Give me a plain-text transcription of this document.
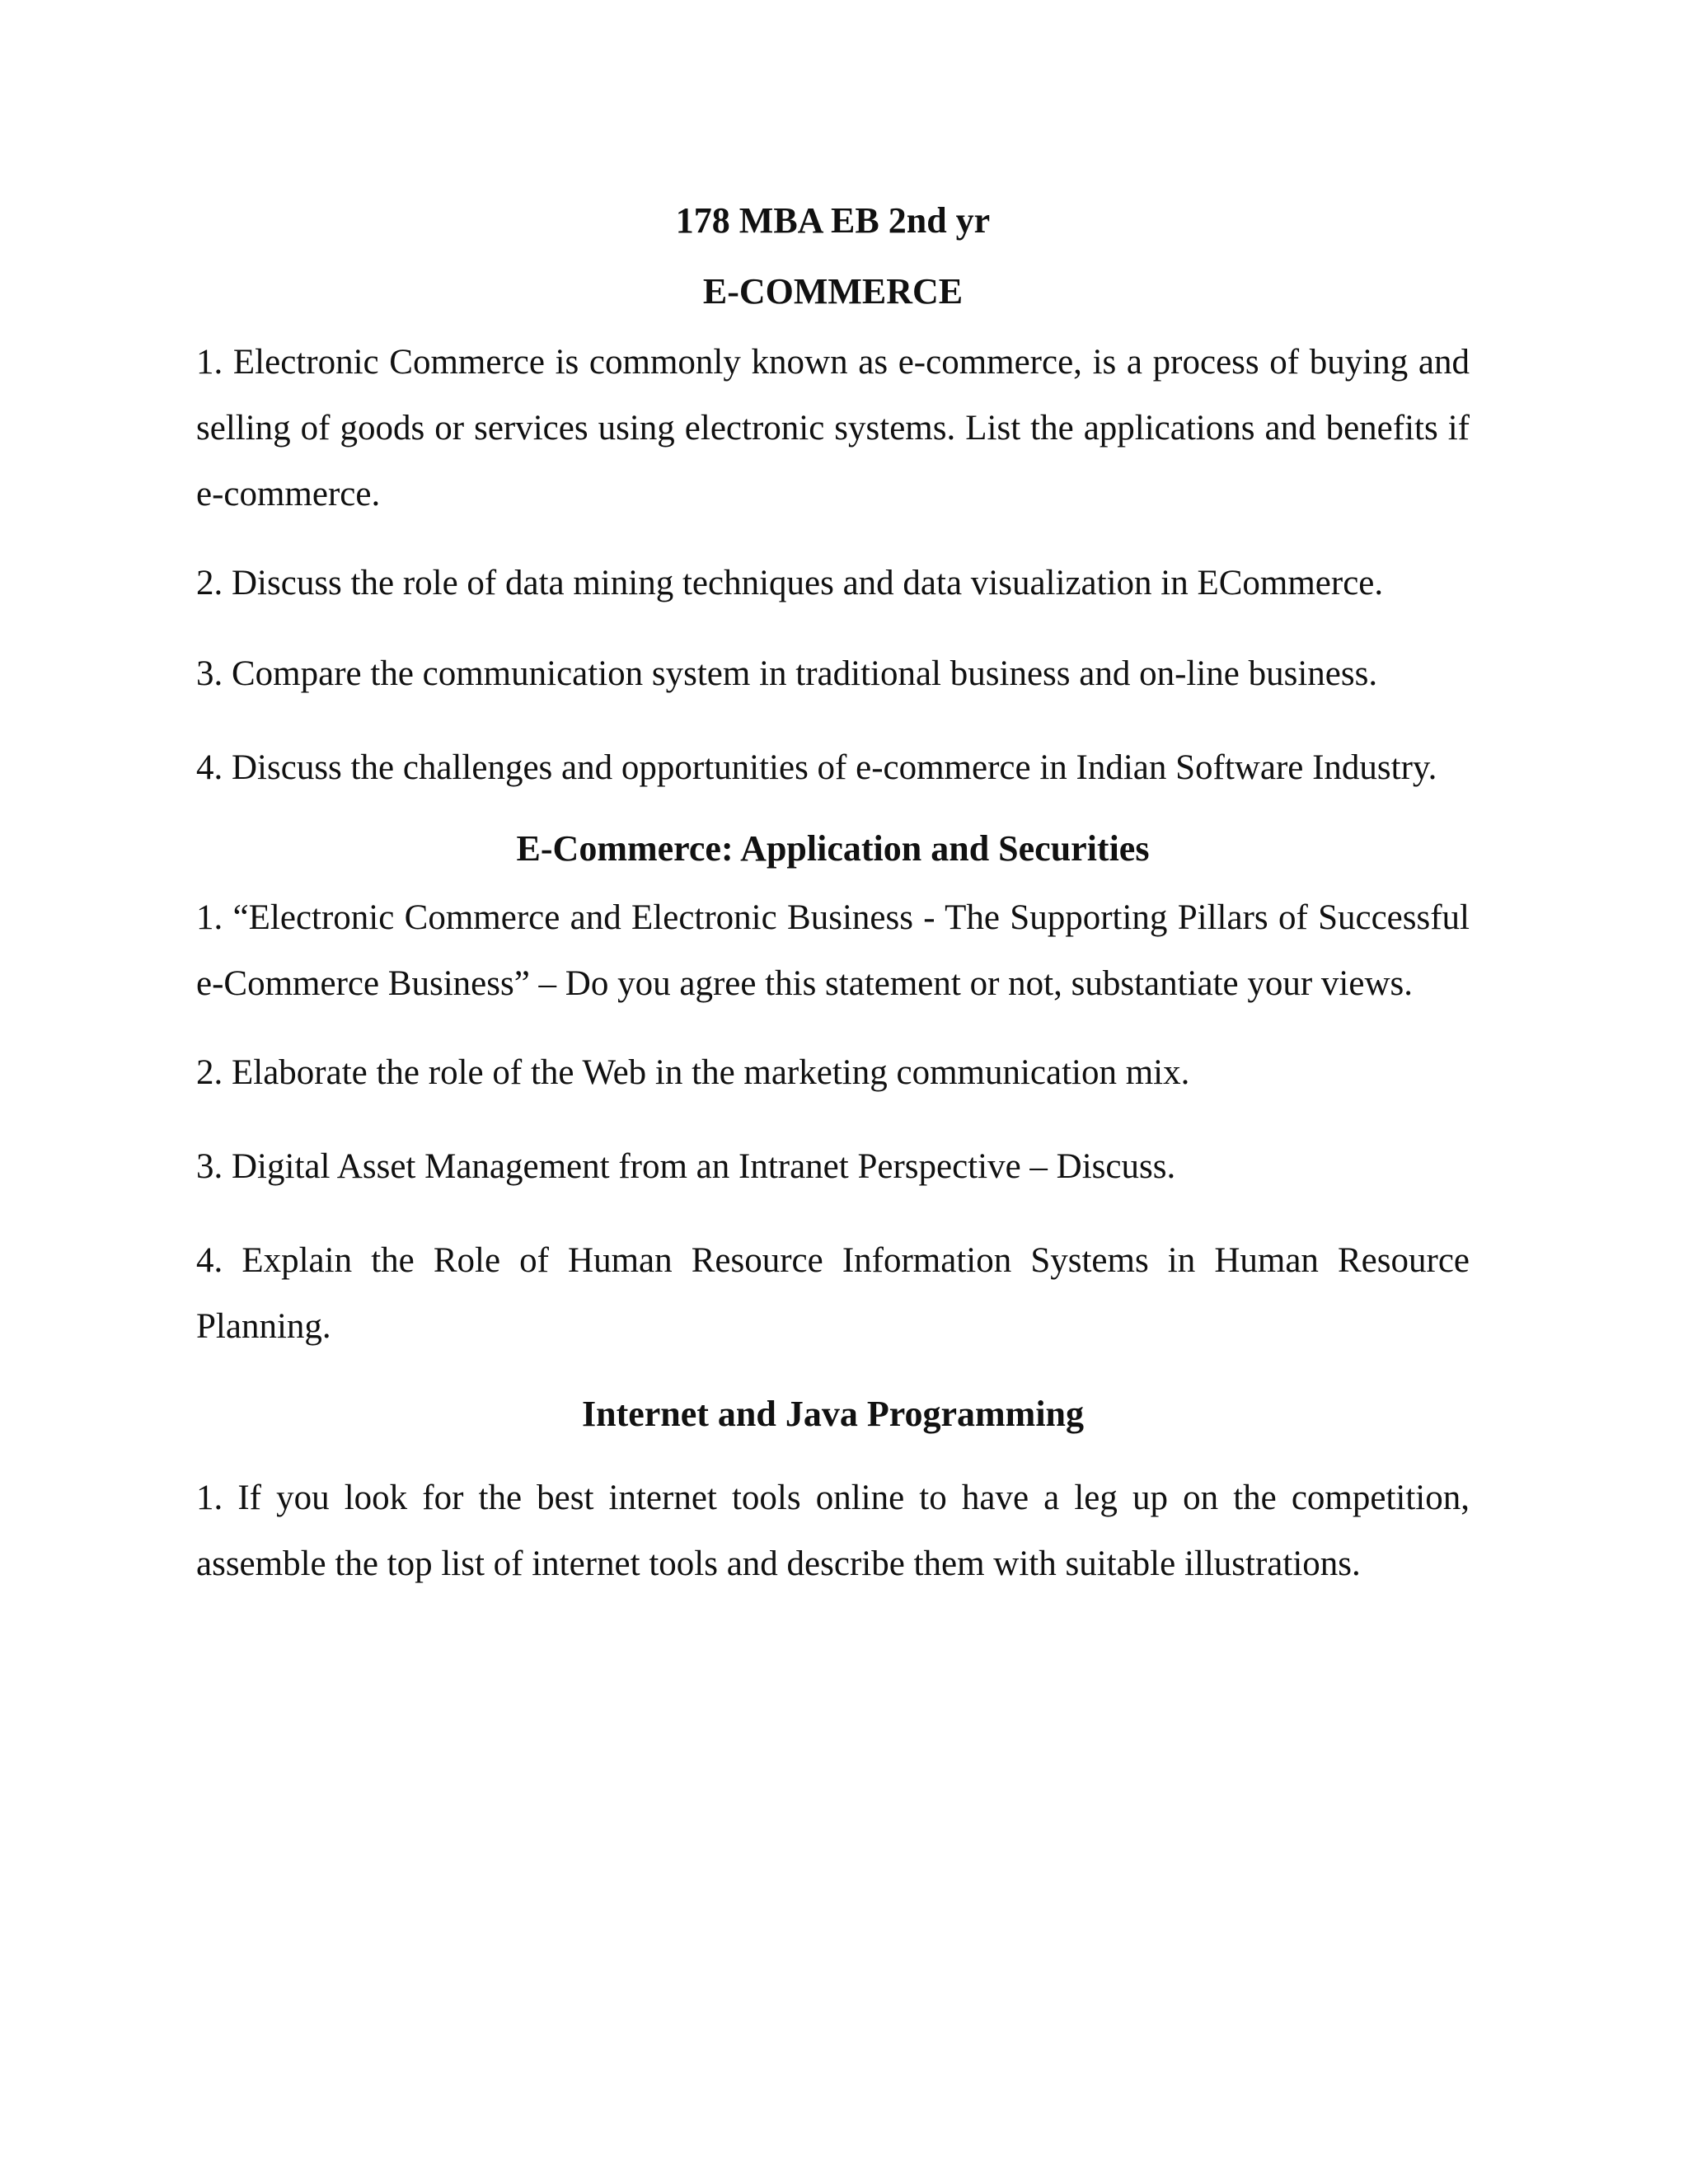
178 MBA EB 2nd yr

E-COMMERCE

1. Electronic Commerce is commonly known as e-commerce, is a process of buying and selling of goods or services using electronic systems. List the applications and benefits if e-commerce.

2. Discuss the role of data mining techniques and data visualization in ECommerce.

3. Compare the communication system in traditional business and on-line business.

4. Discuss the challenges and opportunities of e-commerce in Indian Software Industry.

E-Commerce: Application and Securities

1. “Electronic Commerce and Electronic Business - The Supporting Pillars of Successful e-Commerce Business” – Do you agree this statement or not, substantiate your views.

2. Elaborate the role of the Web in the marketing communication mix.

3. Digital Asset Management from an Intranet Perspective – Discuss.

4. Explain the Role of Human Resource Information Systems in Human Resource Planning.

Internet and Java Programming

1. If you look for the best internet tools online to have a leg up on the competition, assemble the top list of internet tools and describe them with suitable illustrations.
